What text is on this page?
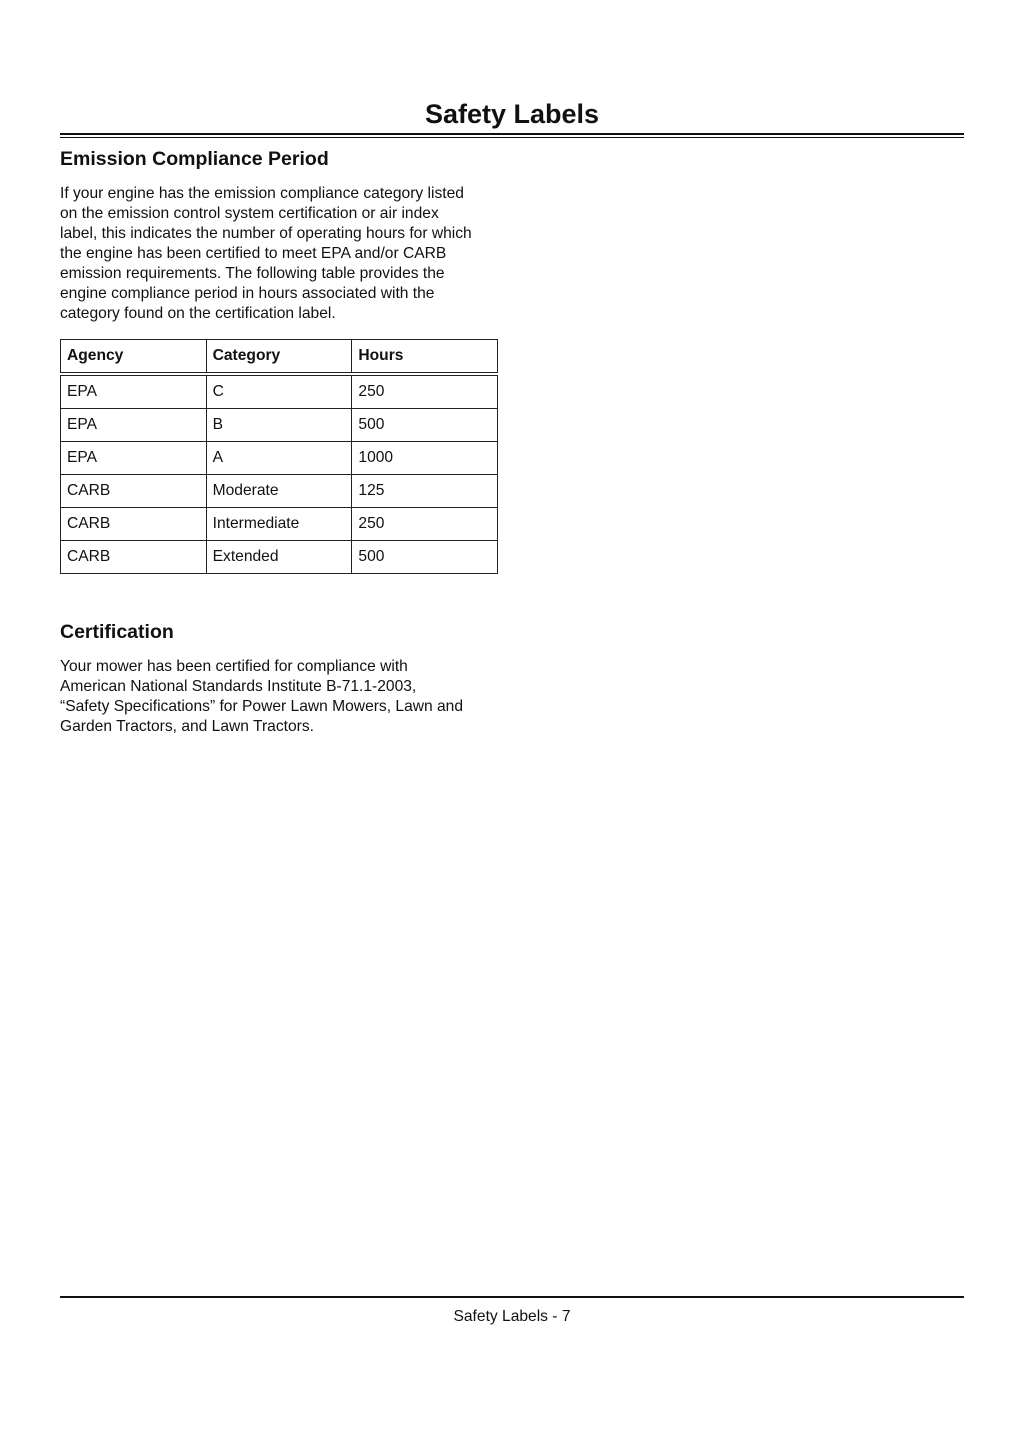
Safety Labels
Emission Compliance Period
If your engine has the emission compliance category listed
on the emission control system certification or air index
label, this indicates the number of operating hours for which
the engine has been certified to meet EPA and/or CARB
emission requirements. The following table provides the
engine compliance period in hours associated with the
category found on the certification label.
Agency	Category	Hours
EPA	C	250
EPA	B	500
EPA	A	1000
CARB	Moderate	125
CARB	Intermediate	250
CARB	Extended	500
Certification
Your mower has been certified for compliance with
American National Standards Institute B-71.1-2003,
“Safety Specifications” for Power Lawn Mowers, Lawn and
Garden Tractors, and Lawn Tractors.

Safety Labels - 7
